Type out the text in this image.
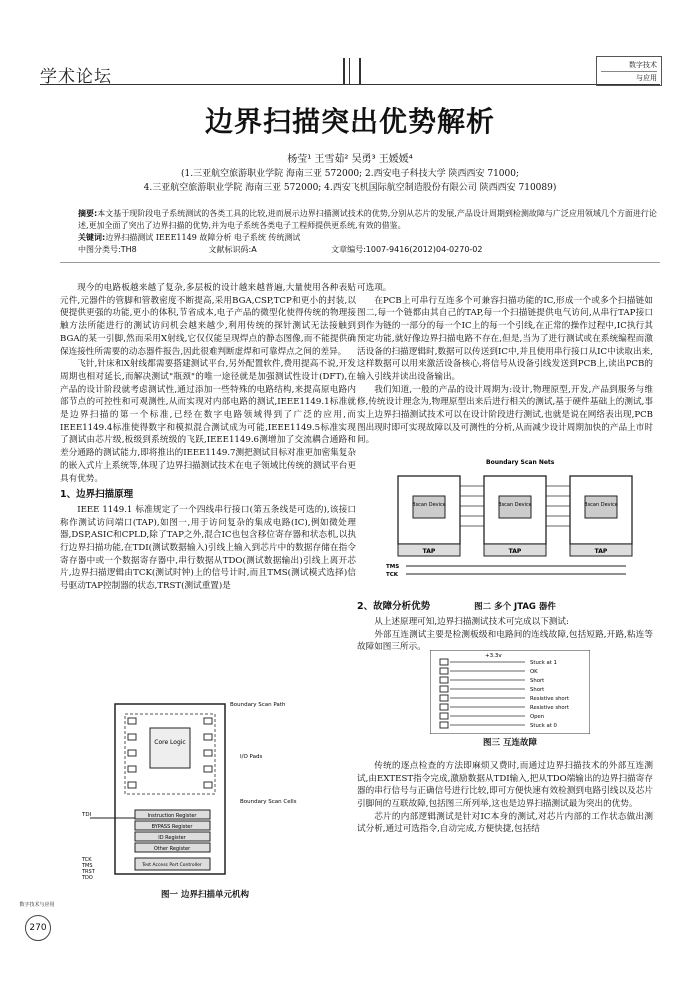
学术论坛
数字技术
与应用
边界扫描突出优势解析
杨莹¹ 王雪茹² 吴勇³ 王媛媛⁴
(1.三亚航空旅游职业学院 海南三亚 572000; 2.西安电子科技大学 陕西西安 71000;
4.三亚航空旅游职业学院 海南三亚 572000; 4.西安飞机国际航空制造股份有限公司 陕西西安 710089)
摘要:本文基于现阶段电子系统测试的各类工具的比较,进而展示边界扫描测试技术的优势,分别从芯片的发展,产品设计周期到检测故障与广泛应用领域几个方面进行论述,更加全面了突出了边界扫描的优势,并为电子系统各类电子工程师提供更系统,有效的借鉴。
关键词:边界扫描测试 IEEE1149 故障分析 电子系统 传统测试
中图分类号:TH8	文献标识码:A	文章编号:1007-9416(2012)04-0270-02

现今的电路板越来越了复杂,多层板的设计越来越普遍,大量使用各种表贴元件,元器件的管脚和管教密度不断提高,采用BGA,CSP,TCP和更小的封装,以便提供更强的功能,更小的体积,节省成本,电子产品的微型化使得传统的物理接触方法所能进行的测试访问机会越来越少,利用传统的探针测试无法接触到BGA的某一引脚,然而采用X射线,它仅仅能呈现焊点的静态图像,而不能提供确保连接性所需要的动态器件报告,因此很难判断虚焊和可靠焊点之间的差异。

飞针,针床和X射线都需要搭建测试平台,另外配置软件,费用提高不说,开发周期也相对延长,而解决测试"瓶颈"的唯一途径就是加强测试性设计(DFT),在产品的设计阶段就考虑测试性,通过添加一些特殊的电路结构,来提高原电路内部节点的可控性和可观测性,从而实现对内部电路的测试,IEEE1149.1标准就是边界扫描的第一个标准,已经在数字电路领域得到了广泛的应用,而IEEE1149.4标准使得数字和模拟混合测试成为可能,IEEE1149.5标准实现了测试由芯片级,板级到系统级的飞跃,IEEE1149.6测增加了交流耦合通路和差分通路的测试能力,即将推出的IEEE1149.7测把测试目标对准更加密集复杂的嵌入式片上系统等,体现了边界扫描测试技术在电子领域比传统的测试平台更具有优势。

1、边界扫描原理

IEEE 1149.1 标准规定了一个四线串行接口(第五条线是可选的),该接口称作测试访问端口(TAP),如图一,用于访问复杂的集成电路(IC),例如微处理器,DSP,ASIC和CPLD,除了TAP之外,混合IC也包含移位寄存器和状态机,以执行边界扫描功能,在TDI(测试数据输入)引线上输入到芯片中的数据存储在指令寄存器中或一个数据寄存器中,串行数据从TDO(测试数据输出)引线上离开芯片,边界扫描逻辑由TCK(测试时钟)上的信号计时,而且TMS(测试模式选择)信号驱动TAP控制器的状态,TRST(测试重置)是

可选项。

在PCB上可串行互连多个可兼容扫描功能的IC,形成一个或多个扫描链如图二,每一个链都由其自己的TAP,每一个扫描链提供电气访问,从串行TAP接口到作为链的一部分的每一个IC上的每一个引线,在正常的操作过程中,IC执行其预定功能,就好像边界扫描电路不存在,但是,当为了进行测试或在系统编程而激活设备的扫描逻辑时,数据可以传送到IC中,并且使用串行接口从IC中读取出来,这样数据可以用来激活设备核心,将信号从设备引线发送到PCB上,读出PCB的输入引线并读出设备输出。

我们知道,一般的产品的设计周期为:设计,物理原型,开发,产品到服务与维修,传统设计理念为,物理原型出来后进行相关的测试,基于硬件基础上的测试,事实上边界扫描测试技术可以在设计阶段进行测试,也就是说在网络表出现,PCB图出现时即可实现故障以及可测性的分析,从而减少设计周期加快的产品上市时间。

2、故障分析优势

从上述原理可知,边界扫描测试技术可完成以下测试:

外部互连测试主要是检测板级和电路间的连线故障,包括短路,开路,粘连等故障如图三所示。

传统的逐点检查的方法即麻烦又费时,而通过边界扫描技术的外部互连测试,由EXTEST指令完成,激励数据从TDI输入,把从TDO端输出的边界扫描寄存器的串行信号与正确信号进行比较,即可方便快速有效检测到电路引线以及芯片引脚间的互联故障,包括图三所列举,这也是边界扫描测试最为突出的优势。

芯片的内部逻辑测试是针对IC本身的测试,对芯片内部的工作状态做出测试分析,通过可选指令,自动完成,方便快捷,包括结

Core Logic
Instruction Register
BYPASS Register
ID Register
Other Register
Test Access Port Controller
Boundary Scan Path
I/O Pads
Boundary Scan Cells
TDI
TCK
TMS
TRST
TDO
图一 边界扫描单元机构
Boundary Scan Nets
Bscan Device	Bscan Device	Bscan Device
TAP	TAP	TAP
TMS
TCK
图二 多个 JTAG 器件
+3.3v
Stuck at 1
OK
Short
Short
Resistive short
Resistive short
Open
Stuck at 0
图三 互连故障
数字技术与应用
270
